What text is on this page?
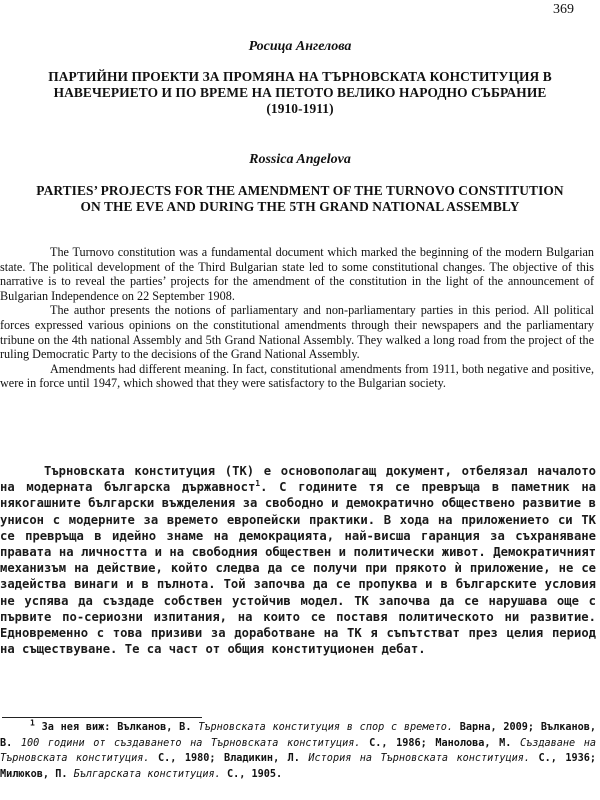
369
Росица Ангелова
ПАРТИЙНИ ПРОЕКТИ ЗА ПРОМЯНА НА ТЪРНОВСКАТА КОНСТИТУЦИЯ В НАВЕЧЕРИЕТО И ПО ВРЕМЕ НА ПЕТОТО ВЕЛИКО НАРОДНО СЪБРАНИЕ
(1910-1911)
Rossica Angelova
PARTIES’ PROJECTS FOR THE AMENDMENT OF THE TURNOVO CONSTITUTION ON THE EVE AND DURING THE 5TH GRAND NATIONAL ASSEMBLY

The Turnovo constitution was a fundamental document which marked the beginning of the modern Bulgarian state. The political development of the Third Bulgarian state led to some constitutional changes. The objective of this narrative is to reveal the parties’ projects for the amendment of the constitution in the light of the announcement of Bulgarian Independence on 22 September 1908.

The author presents the notions of parliamentary and non-parliamentary parties in this period. All political forces expressed various opinions on the constitutional amendments through their newspapers and the parliamentary tribune on the 4th national Assembly and 5th Grand National Assembly. They walked a long road from the project of the ruling Democratic Party to the decisions of the Grand National Assembly.

Amendments had different meaning. In fact, constitutional amendments from 1911, both negative and positive, were in force until 1947, which showed that they were satisfactory to the Bulgarian society.

Търновската конституция (ТК) е основополагащ документ, отбелязал началото на модерната българска държавност$^1$. С годините тя се превръща в паметник на някогашните български въжделения за свободно и демократично обществено развитие в унисон с модерните за времето европейски практики. В хода на приложението си ТК се превръща в идейно знаме на демокрацията, най-висша гаранция за съхраняване правата на личността и на свободния обществен и политически живот. Демократичният механизъм на действие, който следва да се получи при прякото ѝ приложение, не се задейства винаги и в пълнота. Той започва да се пропуква и в българските условия не успява да създаде собствен устойчив модел. ТК започва да се нарушава още с първите по-сериозни изпитания, на които се поставя политическото ни развитие. Едновременно с това призиви за доработване на ТК я съпътстват през целия период на съществуване. Те са част от общия конституционен дебат.

$^1$ За нея виж: Вълканов, В. Търновската конституция в спор с времето. Варна, 2009; Вълканов, В. 100 години от създаването на Търновската конституция. С., 1986; Манолова, М. Създаване на Търновската конституция. С., 1980; Владикин, Л. История на Търновската конституция. С., 1936; Милюков, П. Българската конституция. С., 1905.
